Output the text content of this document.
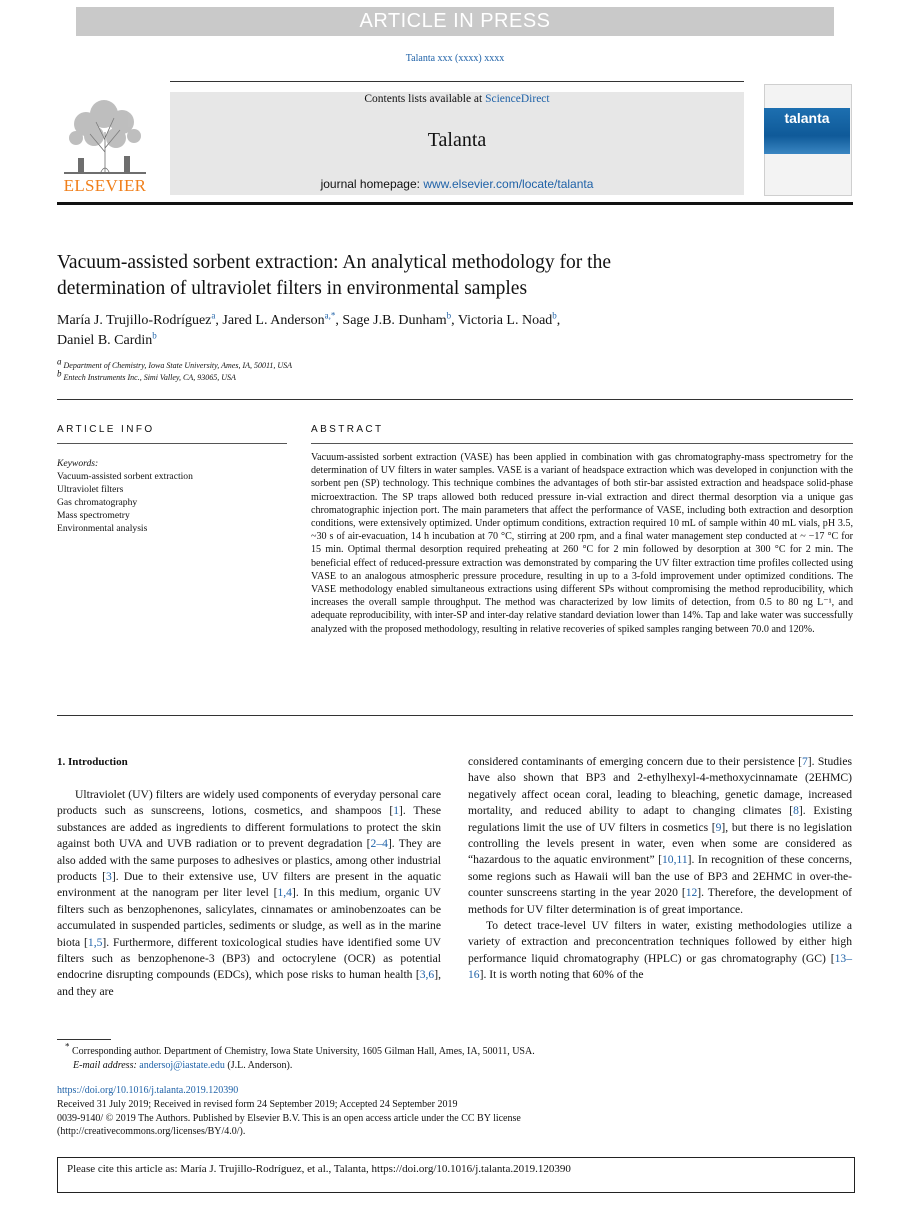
ARTICLE IN PRESS
Talanta xxx (xxxx) xxxx
ELSEVIER
Contents lists available at ScienceDirect
Talanta
journal homepage: www.elsevier.com/locate/talanta
talanta
Vacuum-assisted sorbent extraction: An analytical methodology for the
determination of ultraviolet filters in environmental samples
María J. Trujillo-Rodríguez$^a$, Jared L. Anderson$^{a,*}$, Sage J.B. Dunham$^b$, Victoria L. Noad$^b$,
Daniel B. Cardin$^b$
$^a$ Department of Chemistry, Iowa State University, Ames, IA, 50011, USA
$^b$ Entech Instruments Inc., Simi Valley, CA, 93065, USA
ARTICLE INFO	ABSTRACT
Keywords:
Vacuum-assisted sorbent extraction
Ultraviolet filters
Gas chromatography
Mass spectrometry
Environmental analysis
Vacuum-assisted sorbent extraction (VASE) has been applied in combination with gas chromatography-mass spectrometry for the determination of UV filters in water samples. VASE is a variant of headspace extraction which was developed in conjunction with the sorbent pen (SP) technology. This technique combines the advantages of both stir-bar assisted extraction and headspace solid-phase microextraction. The SP traps allowed both reduced pressure in-vial extraction and direct thermal desorption via a unique gas chromatographic injection port. The main parameters that affect the performance of VASE, including both extraction and desorption conditions, were extensively optimized. Under optimum conditions, extraction required 10 mL of sample within 40 mL vials, pH 3.5, ~30 s of air-evacuation, 14 h incubation at 70 °C, stirring at 200 rpm, and a final water management step conducted at ~ −17 °C for 15 min. Optimal thermal desorption required preheating at 260 °C for 2 min followed by desorption at 300 °C for 2 min. The beneficial effect of reduced-pressure extraction was demonstrated by comparing the UV filter extraction time profiles collected using VASE to an analogous atmospheric pressure procedure, resulting in up to a 3-fold improvement under optimized conditions. The VASE methodology enabled simultaneous extractions using different SPs without compromising the method reproducibility, which increases the overall sample throughput. The method was characterized by low limits of detection, from 0.5 to 80 ng L⁻¹, and adequate reproducibility, with inter-SP and inter-day relative standard deviation lower than 14%. Tap and lake water was successfully analyzed with the proposed methodology, resulting in relative recoveries of spiked samples ranging between 70.0 and 120%.
1. Introduction

Ultraviolet (UV) filters are widely used components of everyday personal care products such as sunscreens, lotions, cosmetics, and shampoos [1]. These substances are added as ingredients to different formulations to protect the skin against both UVA and UVB radiation or to prevent degradation [2–4]. They are also added with the same purposes to adhesives or plastics, among other industrial products [3]. Due to their extensive use, UV filters are present in the aquatic environment at the nanogram per liter level [1,4]. In this medium, organic UV filters such as benzophenones, salicylates, cinnamates or aminobenzoates can be accumulated in suspended particles, sediments or sludge, as well as in the marine biota [1,5]. Furthermore, different toxicological studies have identified some UV filters such as benzophenone-3 (BP3) and octocrylene (OCR) as potential endocrine disrupting compounds (EDCs), which pose risks to human health [3,6], and they are

considered contaminants of emerging concern due to their persistence [7]. Studies have also shown that BP3 and 2-ethylhexyl-4-methoxycinnamate (2EHMC) negatively affect ocean coral, leading to bleaching, genetic damage, increased mortality, and reduced ability to adapt to changing climates [8]. Existing regulations limit the use of UV filters in cosmetics [9], but there is no legislation controlling the levels present in water, even when some are considered as “hazardous to the aquatic environment” [10,11]. In recognition of these concerns, some regions such as Hawaii will ban the use of BP3 and 2EHMC in over-the-counter sunscreens starting in the year 2020 [12]. Therefore, the development of methods for UV filter determination is of great importance.

To detect trace-level UV filters in water, existing methodologies utilize a variety of extraction and preconcentration techniques followed by either high performance liquid chromatography (HPLC) or gas chromatography (GC) [13–16]. It is worth noting that 60% of the

* Corresponding author. Department of Chemistry, Iowa State University, 1605 Gilman Hall, Ames, IA, 50011, USA.
E-mail address: andersoj@iastate.edu (J.L. Anderson).
https://doi.org/10.1016/j.talanta.2019.120390
Received 31 July 2019; Received in revised form 24 September 2019; Accepted 24 September 2019
0039-9140/ © 2019 The Authors. Published by Elsevier B.V. This is an open access article under the CC BY license
(http://creativecommons.org/licenses/BY/4.0/).
Please cite this article as: María J. Trujillo-Rodríguez, et al., Talanta, https://doi.org/10.1016/j.talanta.2019.120390
